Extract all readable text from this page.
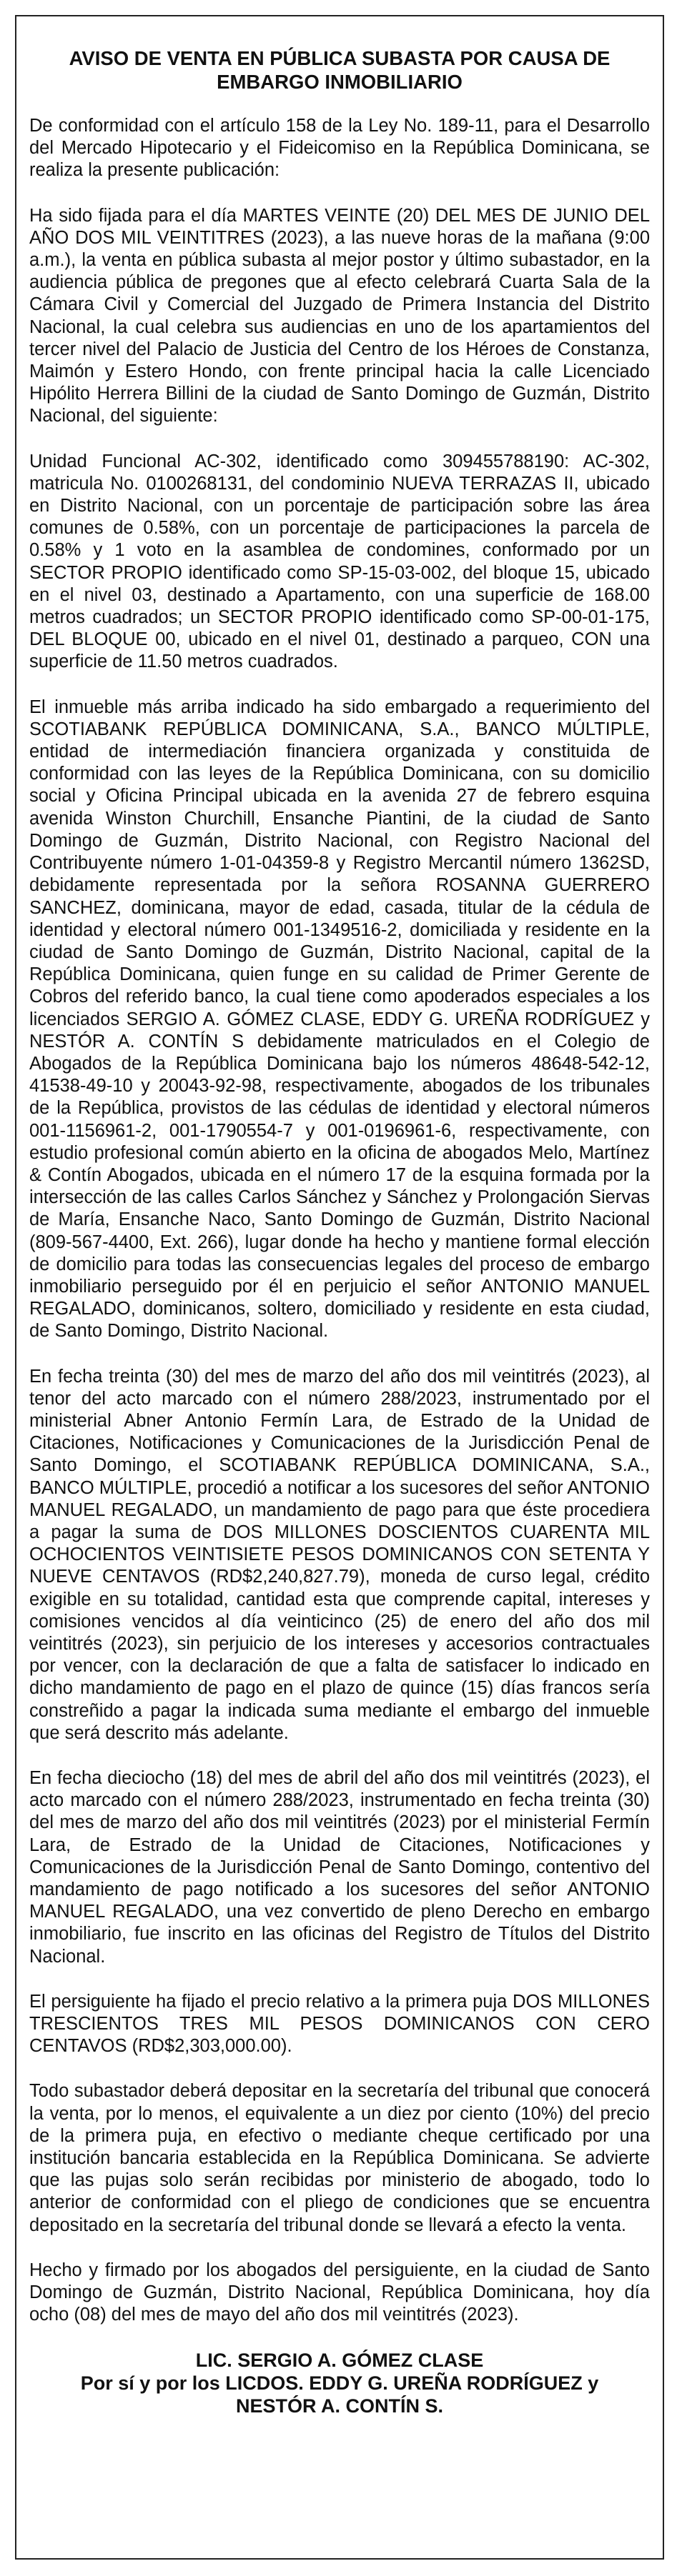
AVISO DE VENTA EN PÚBLICA SUBASTA POR CAUSA DE
EMBARGO INMOBILIARIO

De conformidad con el artículo 158 de la Ley No. 189-11, para el Desarrollo del Mercado Hipotecario y el Fideicomiso en la República Dominicana, se realiza la presente publicación:

Ha sido fijada para el día MARTES VEINTE (20) DEL MES DE JUNIO DEL AÑO DOS MIL VEINTITRES (2023), a las nueve horas de la mañana (9:00 a.m.), la venta en pública subasta al mejor postor y último subastador, en la audiencia pública de pregones que al efecto celebrará Cuarta Sala de la Cámara Civil y Comercial del Juzgado de Primera Instancia del Distrito Nacional, la cual celebra sus audiencias en uno de los apartamientos del tercer nivel del Palacio de Justicia del Centro de los Héroes de Constanza, Maimón y Estero Hondo, con frente principal hacia la calle Licenciado Hipólito Herrera Billini de la ciudad de Santo Domingo de Guzmán, Distrito Nacional, del siguiente:

Unidad Funcional AC-302, identificado como 309455788190: AC-302, matricula No. 0100268131, del condominio NUEVA TERRAZAS II, ubicado en Distrito Nacional, con un porcentaje de participación sobre las área comunes de 0.58%, con un porcentaje de participaciones la parcela de 0.58% y 1 voto en la asamblea de condomines, conformado por un SECTOR PROPIO identificado como SP-15-03-002, del bloque 15, ubicado en el nivel 03, destinado a Apartamento, con una superficie de 168.00 metros cuadrados; un SECTOR PROPIO identificado como SP-00-01-175, DEL BLOQUE 00, ubicado en el nivel 01, destinado a parqueo, CON una superficie de 11.50 metros cuadrados.

El inmueble más arriba indicado ha sido embargado a requerimiento del SCOTIABANK REPÚBLICA DOMINICANA, S.A., BANCO MÚLTIPLE, entidad de intermediación financiera organizada y constituida de conformidad con las leyes de la República Dominicana, con su domicilio social y Oficina Principal ubicada en la avenida 27 de febrero esquina avenida Winston Churchill, Ensanche Piantini, de la ciudad de Santo Domingo de Guzmán, Distrito Nacional, con Registro Nacional del Contribuyente número 1-01-04359-8 y Registro Mercantil número 1362SD, debidamente representada por la señora ROSANNA GUERRERO SANCHEZ, dominicana, mayor de edad, casada, titular de la cédula de identidad y electoral número 001-1349516-2, domiciliada y residente en la ciudad de Santo Domingo de Guzmán, Distrito Nacional, capital de la República Dominicana, quien funge en su calidad de Primer Gerente de Cobros del referido banco, la cual tiene como apoderados especiales a los licenciados SERGIO A. GÓMEZ CLASE, EDDY G. UREÑA RODRÍGUEZ y NESTÓR A. CONTÍN S debidamente matriculados en el Colegio de Abogados de la República Dominicana bajo los números 48648-542-12, 41538-49-10 y 20043-92-98, respectivamente, abogados de los tribunales de la República, provistos de las cédulas de identidad y electoral números 001-1156961-2, 001-1790554-7 y 001-0196961-6, respectivamente, con estudio profesional común abierto en la oficina de abogados Melo, Martínez & Contín Abogados, ubicada en el número 17 de la esquina formada por la intersección de las calles Carlos Sánchez y Sánchez y Prolongación Siervas de María, Ensanche Naco, Santo Domingo de Guzmán, Distrito Nacional (809-567-4400, Ext. 266), lugar donde ha hecho y mantiene formal elección de domicilio para todas las consecuencias legales del proceso de embargo inmobiliario perseguido por él en perjuicio el señor ANTONIO MANUEL REGALADO, dominicanos, soltero, domiciliado y residente en esta ciudad, de Santo Domingo, Distrito Nacional.

En fecha treinta (30) del mes de marzo del año dos mil veintitrés (2023), al tenor del acto marcado con el número 288/2023, instrumentado por el ministerial Abner Antonio Fermín Lara, de Estrado de la Unidad de Citaciones, Notificaciones y Comunicaciones de la Jurisdicción Penal de Santo Domingo, el SCOTIABANK REPÚBLICA DOMINICANA, S.A., BANCO MÚLTIPLE, procedió a notificar a los sucesores del señor ANTONIO MANUEL REGALADO, un mandamiento de pago para que éste procediera a pagar la suma de DOS MILLONES DOSCIENTOS CUARENTA MIL OCHOCIENTOS VEINTISIETE PESOS DOMINICANOS CON SETENTA Y NUEVE CENTAVOS (RD$2,240,827.79), moneda de curso legal, crédito exigible en su totalidad, cantidad esta que comprende capital, intereses y comisiones vencidos al día veinticinco (25) de enero del año dos mil veintitrés (2023), sin perjuicio de los intereses y accesorios contractuales por vencer, con la declaración de que a falta de satisfacer lo indicado en dicho mandamiento de pago en el plazo de quince (15) días francos sería constreñido a pagar la indicada suma mediante el embargo del inmueble que será descrito más adelante.

En fecha dieciocho (18) del mes de abril del año dos mil veintitrés (2023), el acto marcado con el número 288/2023, instrumentado en fecha treinta (30) del mes de marzo del año dos mil veintitrés (2023) por el ministerial Fermín Lara, de Estrado de la Unidad de Citaciones, Notificaciones y Comunicaciones de la Jurisdicción Penal de Santo Domingo, contentivo del mandamiento de pago notificado a los sucesores del señor ANTONIO MANUEL REGALADO, una vez convertido de pleno Derecho en embargo inmobiliario, fue inscrito en las oficinas del Registro de Títulos del Distrito Nacional.

El persiguiente ha fijado el precio relativo a la primera puja DOS MILLONES TRESCIENTOS TRES MIL PESOS DOMINICANOS CON CERO CENTAVOS (RD$2,303,000.00).

Todo subastador deberá depositar en la secretaría del tribunal que conocerá la venta, por lo menos, el equivalente a un diez por ciento (10%) del precio de la primera puja, en efectivo o mediante cheque certificado por una institución bancaria establecida en la República Dominicana. Se advierte que las pujas solo serán recibidas por ministerio de abogado, todo lo anterior de conformidad con el pliego de condiciones que se encuentra depositado en la secretaría del tribunal donde se llevará a efecto la venta.

Hecho y firmado por los abogados del persiguiente, en la ciudad de Santo Domingo de Guzmán, Distrito Nacional, República Dominicana, hoy día ocho (08) del mes de mayo del año dos mil veintitrés (2023).

LIC. SERGIO A. GÓMEZ CLASE
Por sí y por los LICDOS. EDDY G. UREÑA RODRÍGUEZ y
NESTÓR A. CONTÍN S.
